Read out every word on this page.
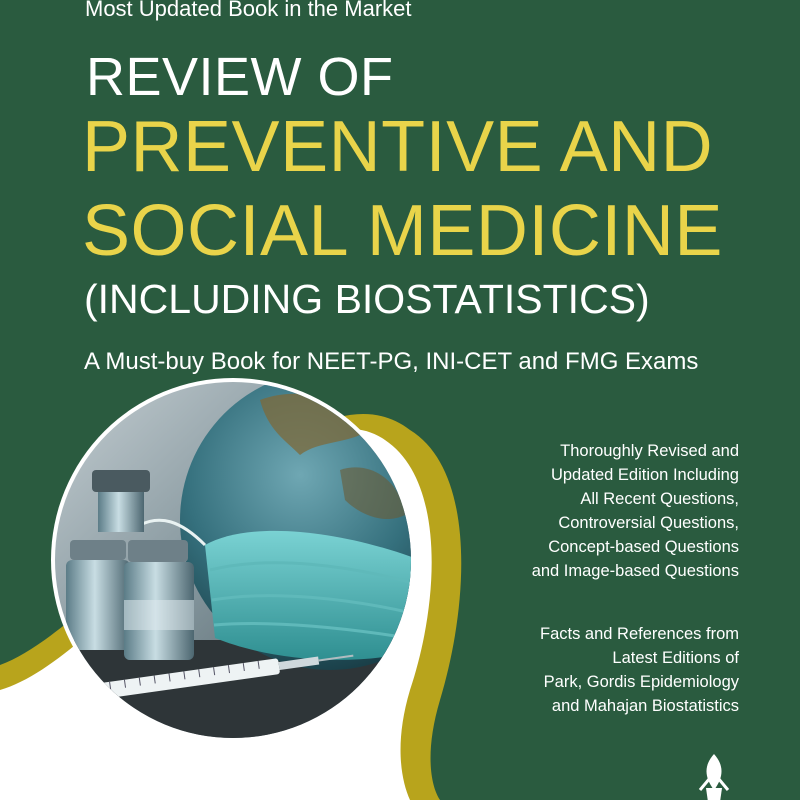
Most Updated Book in the Market

REVIEW OF
PREVENTIVE AND
SOCIAL MEDICINE
(INCLUDING BIOSTATISTICS)

A Must-buy Book for NEET-PG, INI-CET and FMG Exams

Thoroughly Revised and

Updated Edition Including

All Recent Questions,

Controversial Questions,

Concept-based Questions

and Image-based Questions

Facts and References from

Latest Editions of

Park, Gordis Epidemiology

and Mahajan Biostatistics
